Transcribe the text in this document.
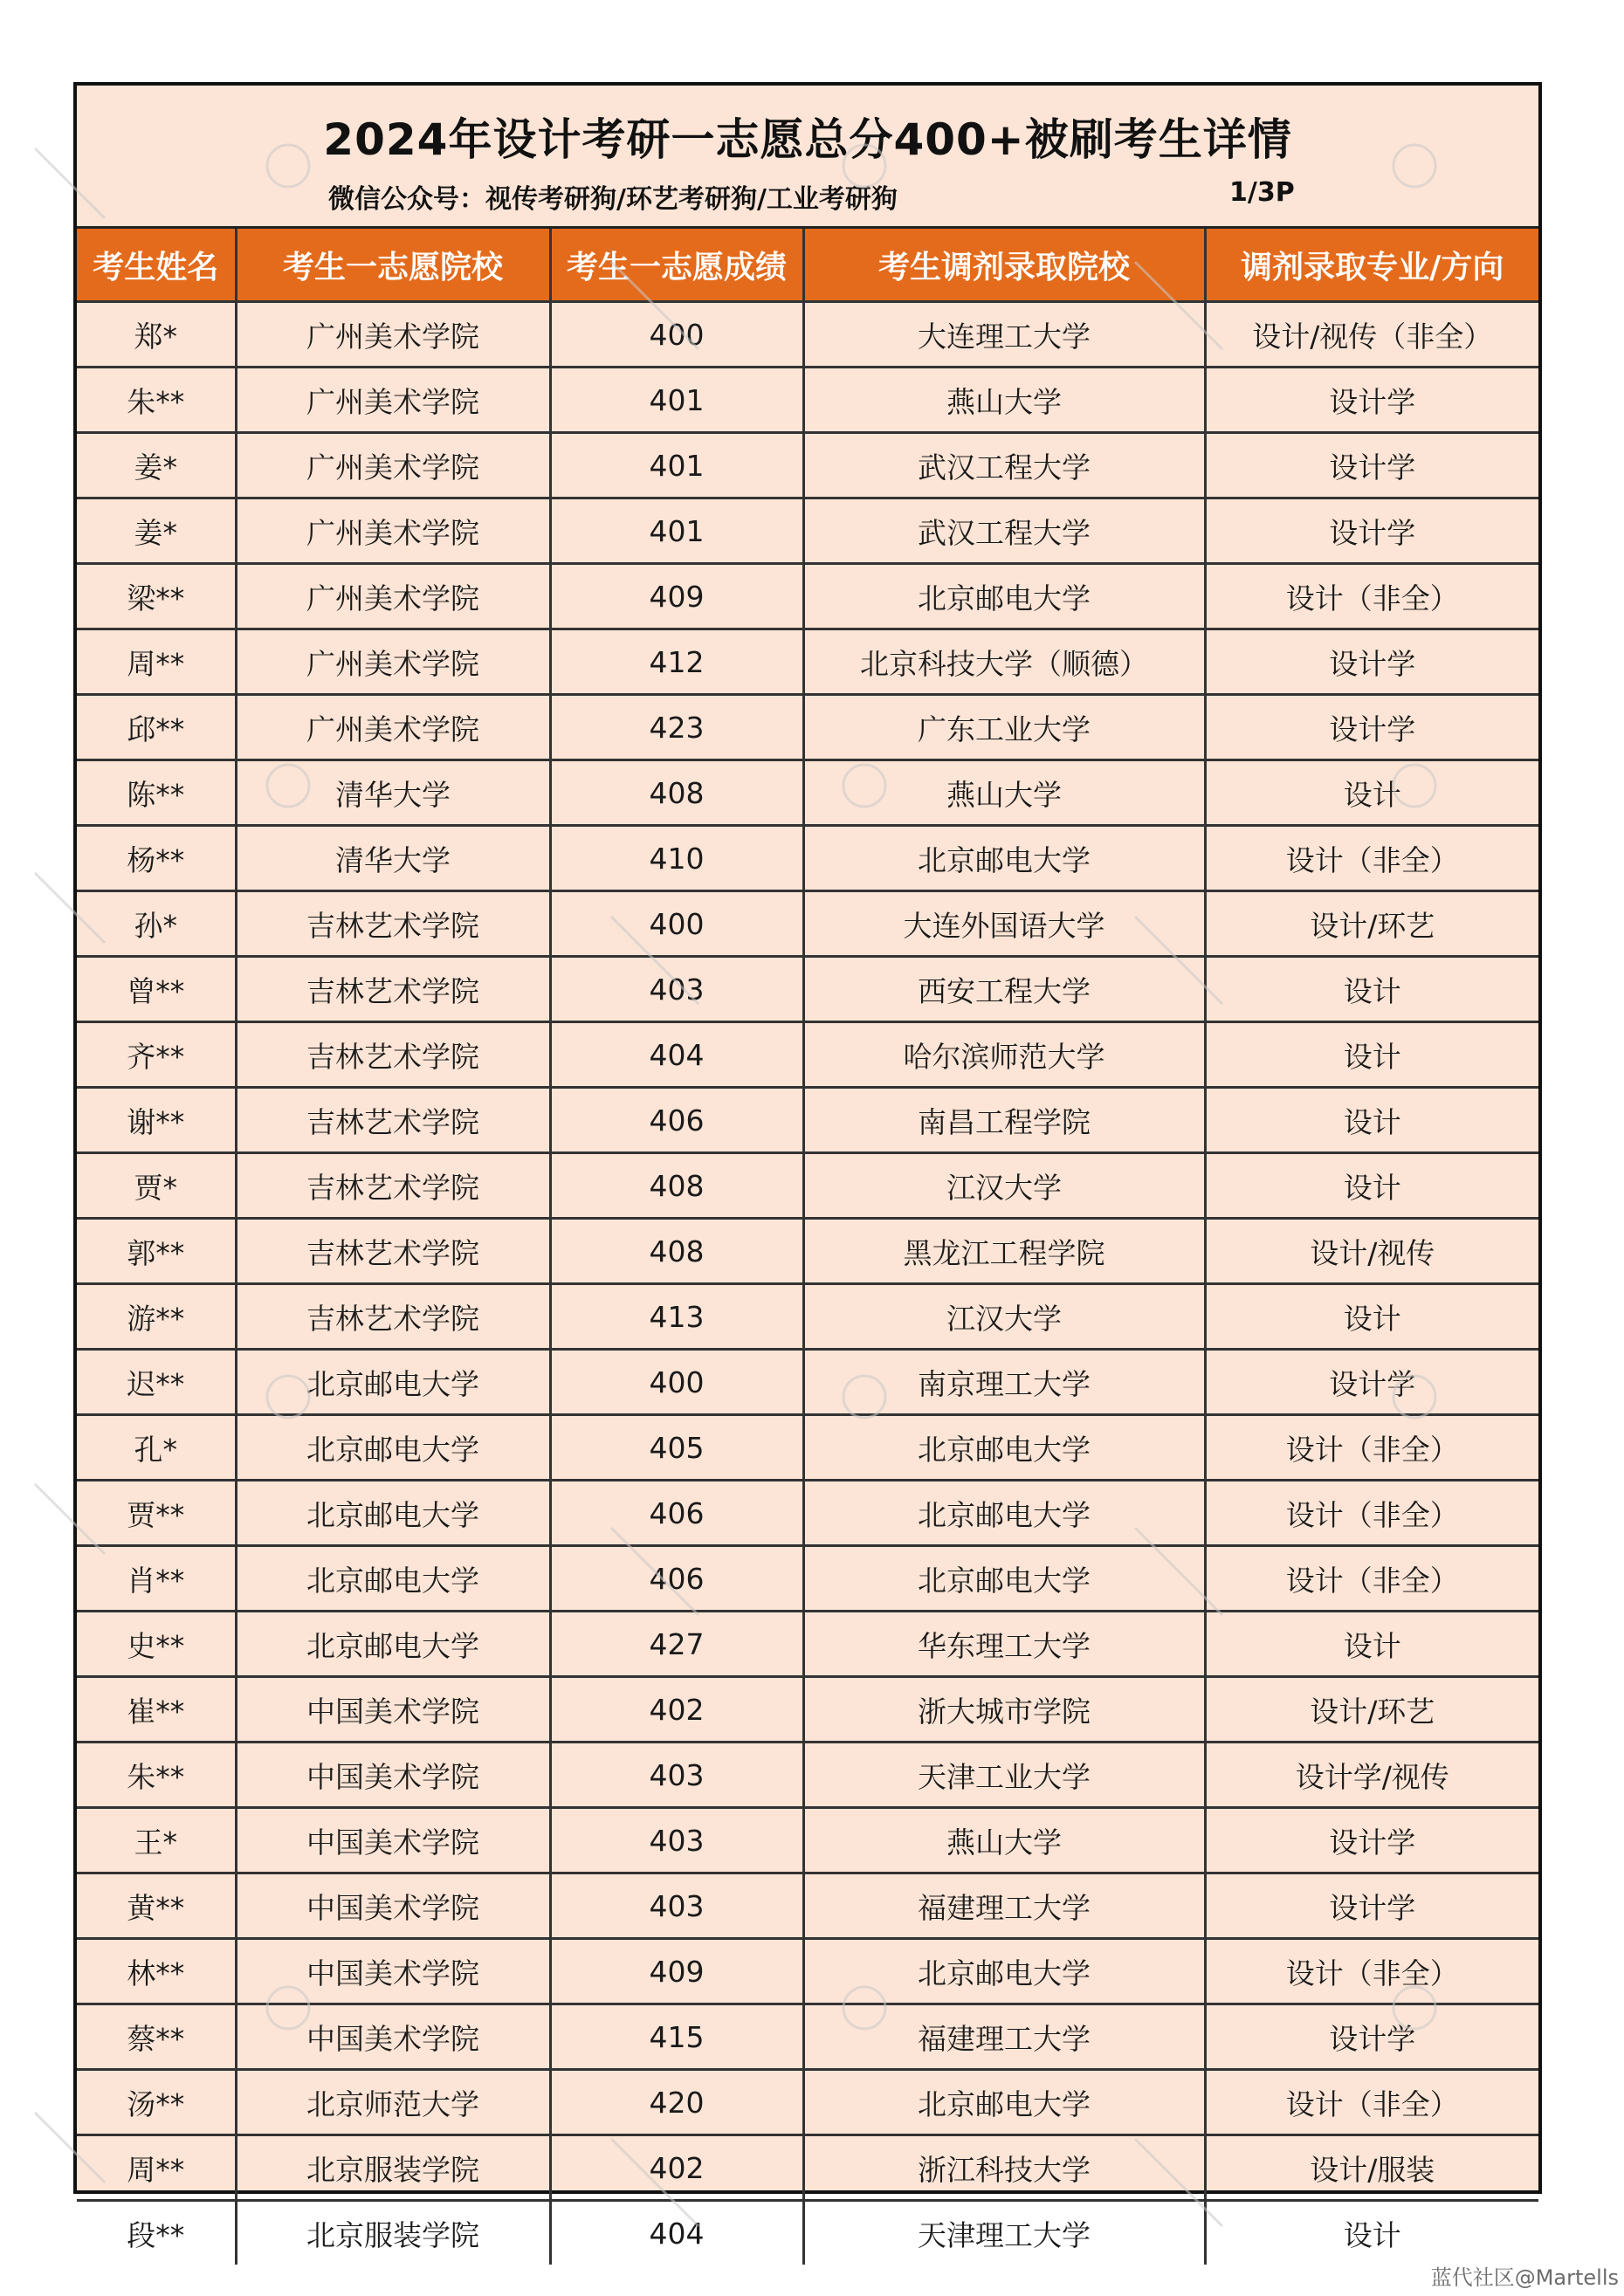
2024年设计考研一志愿总分400+被刷考生详情
微信公众号：视传考研狗/环艺考研狗/工业考研狗	1/3P
考生姓名	考生一志愿院校	考生一志愿成绩	考生调剂录取院校	调剂录取专业/方向
郑*	广州美术学院	400	大连理工大学	设计/视传（非全）
朱**	广州美术学院	401	燕山大学	设计学
姜*	广州美术学院	401	武汉工程大学	设计学
姜*	广州美术学院	401	武汉工程大学	设计学
梁**	广州美术学院	409	北京邮电大学	设计（非全）
周**	广州美术学院	412	北京科技大学（顺德）	设计学
邱**	广州美术学院	423	广东工业大学	设计学
陈**	清华大学	408	燕山大学	设计
杨**	清华大学	410	北京邮电大学	设计（非全）
孙*	吉林艺术学院	400	大连外国语大学	设计/环艺
曾**	吉林艺术学院	403	西安工程大学	设计
齐**	吉林艺术学院	404	哈尔滨师范大学	设计
谢**	吉林艺术学院	406	南昌工程学院	设计
贾*	吉林艺术学院	408	江汉大学	设计
郭**	吉林艺术学院	408	黑龙江工程学院	设计/视传
游**	吉林艺术学院	413	江汉大学	设计
迟**	北京邮电大学	400	南京理工大学	设计学
孔*	北京邮电大学	405	北京邮电大学	设计（非全）
贾**	北京邮电大学	406	北京邮电大学	设计（非全）
肖**	北京邮电大学	406	北京邮电大学	设计（非全）
史**	北京邮电大学	427	华东理工大学	设计
崔**	中国美术学院	402	浙大城市学院	设计/环艺
朱**	中国美术学院	403	天津工业大学	设计学/视传
王*	中国美术学院	403	燕山大学	设计学
黄**	中国美术学院	403	福建理工大学	设计学
林**	中国美术学院	409	北京邮电大学	设计（非全）
蔡**	中国美术学院	415	福建理工大学	设计学
汤**	北京师范大学	420	北京邮电大学	设计（非全）
周**	北京服装学院	402	浙江科技大学	设计/服装
段**	北京服装学院	404	天津理工大学	设计
蓝代社区@Martells
